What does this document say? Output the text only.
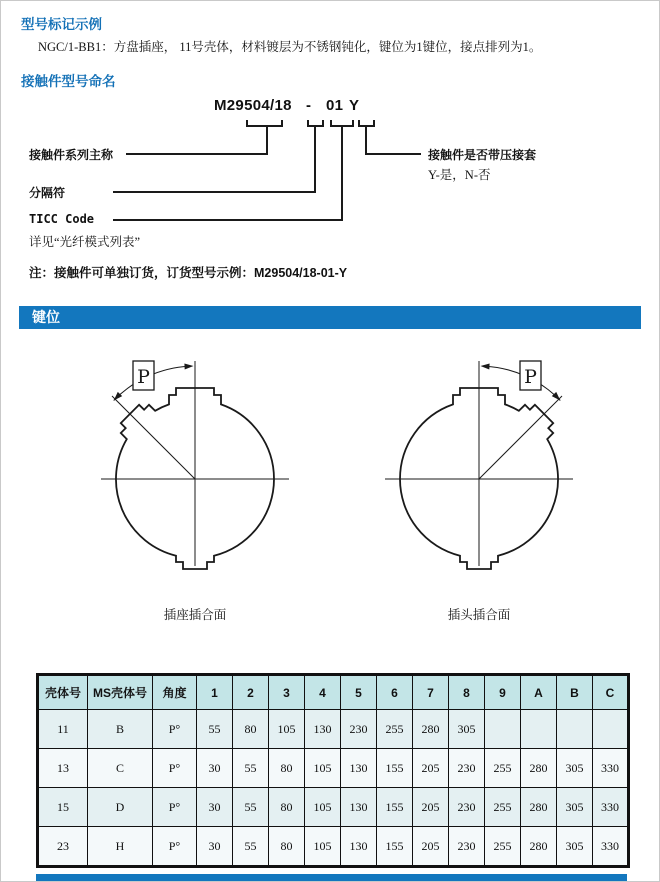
型号标记示例
NGC/1-BB1：方盘插座， 11号壳体，材料镀层为不锈钢钝化，键位为1键位，接点排列为1。
接触件型号命名
M29504/18 - 01 Y
接触件系列主称
分隔符
TICC Code
详见“光纤模式列表”
接触件是否带压接套
Y-是，N-否
注：接触件可单独订货，订货型号示例：M29504/18-01-Y
键位
P	P
插座插合面	插头插合面
壳体号	MS壳体号	角度	1	2	3	4	5	6	7	8	9	A	B	C
11	B	P°	55	80	105	130	230	255	280	305				
13	C	P°	30	55	80	105	130	155	205	230	255	280	305	330
15	D	P°	30	55	80	105	130	155	205	230	255	280	305	330
23	H	P°	30	55	80	105	130	155	205	230	255	280	305	330
